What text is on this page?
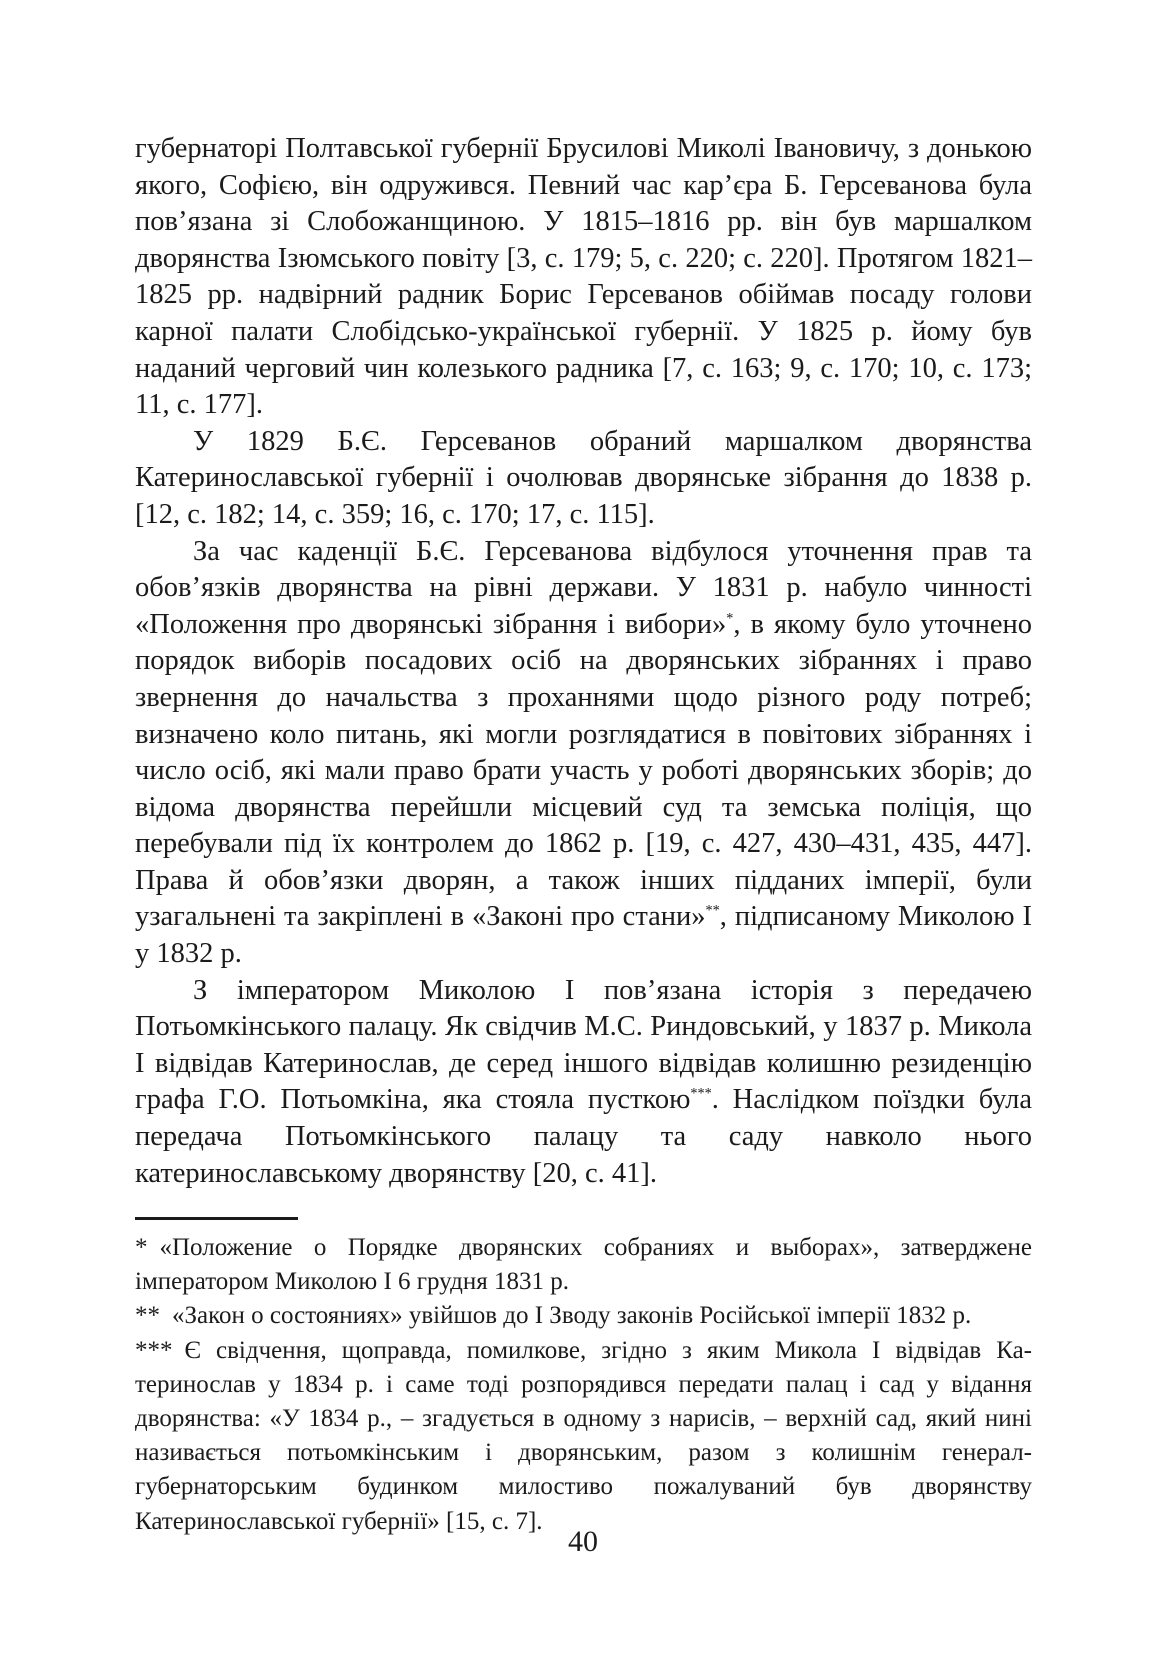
губернаторі Полтавської губернії Брусилові Миколі Івановичу, з донькою якого, Софією, він одружився. Певний час кар’єра Б. Герсеванова була пов’язана зі Слобожанщиною. У 1815–1816 рр. він був маршалком дворянства Ізюмського повіту [3, с. 179; 5, с. 220; с. 220]. Протягом 1821–1825 рр. надвірний радник Борис Герсеванов обіймав посаду голови карної палати Слобідсько-української губернії. У 1825 р. йому був наданий черговий чин колезького радника [7, с. 163; 9, с. 170; 10, с. 173; 11, с. 177].

У 1829 Б.Є. Герсеванов обраний маршалком дворянства Катеринославської губернії і очолював дворянське зібрання до 1838 р. [12, с. 182; 14, с. 359; 16, с. 170; 17, с. 115].

За час каденції Б.Є. Герсеванова відбулося уточнення прав та обов’язків дворянства на рівні держави. У 1831 р. набуло чинності «Положення про дворянські зібрання і вибори»*, в якому було уточнено порядок виборів посадових осіб на дворянських зібраннях і право звернення до начальства з проханнями щодо різного роду потреб; визначено коло питань, які могли розглядатися в повітових зібраннях і число осіб, які мали право брати участь у роботі дворянських зборів; до відома дворянства перейшли місцевий суд та земська поліція, що перебували під їх контролем до 1862 р. [19, с. 427, 430–431, 435, 447]. Права й обов’язки дворян, а також інших підданих імперії, були узагальнені та закріплені в «Законі про стани»**, підписаному Миколою І у 1832 р.

З імператором Миколою І пов’язана історія з передачею Потьомкінського палацу. Як свідчив М.С. Риндовський, у 1837 р. Микола І відвідав Катеринослав, де серед іншого відвідав колишню резиденцію графа Г.О. Потьомкіна, яка стояла пусткою***. Наслідком поїздки була передача Потьомкінського палацу та саду навколо нього катеринославському дворянству [20, с. 41].

* «Положение о Порядке дворянских собраниях и выборах», затверджене імператором Миколою І 6 грудня 1831 р.

** «Закон о состояниях» увійшов до І Зводу законів Російської імперії 1832 р.

*** Є свідчення, щоправда, помилкове, згідно з яким Микола І відвідав Катеринослав у 1834 р. і саме тоді розпорядився передати палац і сад у відання дворянства: «У 1834 р., – згадується в одному з нарисів, – верхній сад, який нині називається потьомкінським і дворянським, разом з колишнім генерал-губернаторським будинком милостиво пожалуваний був дворянству Катеринославської губернії» [15, с. 7].

40
